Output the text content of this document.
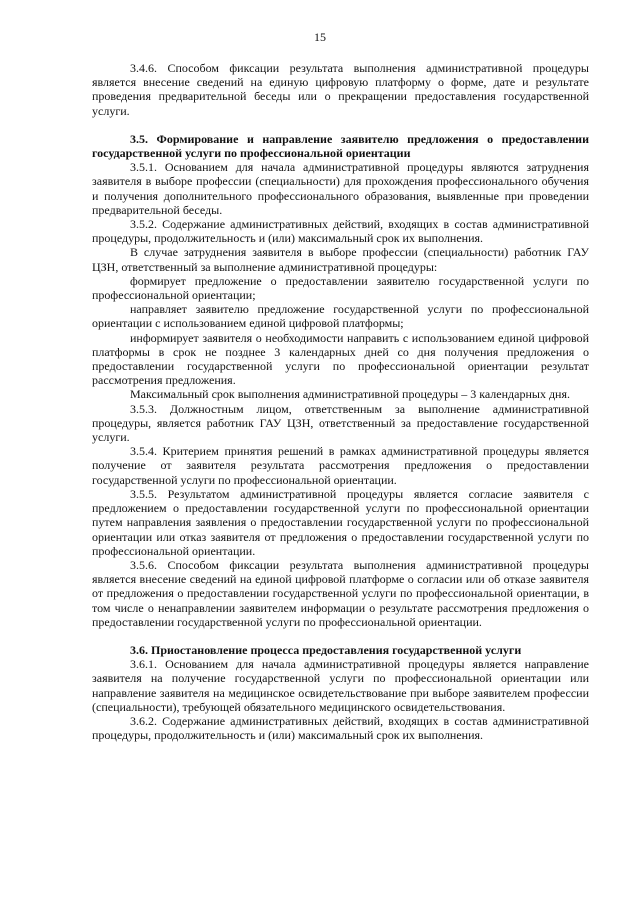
15

3.4.6. Способом фиксации результата выполнения административной процедуры является внесение сведений на единую цифровую платформу о форме, дате и результате проведения предварительной беседы или о прекращении предоставления государственной услуги.

3.5. Формирование и направление заявителю предложения о предоставлении государственной услуги по профессиональной ориентации

3.5.1. Основанием для начала административной процедуры являются затруднения заявителя в выборе профессии (специальности) для прохождения профессионального обучения и получения дополнительного профессионального образования, выявленные при проведении предварительной беседы.

3.5.2. Содержание административных действий, входящих в состав административной процедуры, продолжительность и (или) максимальный срок их выполнения.

В случае затруднения заявителя в выборе профессии (специальности) работник ГАУ ЦЗН, ответственный за выполнение административной процедуры:

формирует предложение о предоставлении заявителю государственной услуги по профессиональной ориентации;

направляет заявителю предложение государственной услуги по профессиональной ориентации с использованием единой цифровой платформы;

информирует заявителя о необходимости направить с использованием единой цифровой платформы в срок не позднее 3 календарных дней со дня получения предложения о предоставлении государственной услуги по профессиональной ориентации результат рассмотрения предложения.

Максимальный срок выполнения административной процедуры – 3 календарных дня.

3.5.3. Должностным лицом, ответственным за выполнение административной процедуры, является работник ГАУ ЦЗН, ответственный за предоставление государственной услуги.

3.5.4. Критерием принятия решений в рамках административной процедуры является получение от заявителя результата рассмотрения предложения о предоставлении государственной услуги по профессиональной ориентации.

3.5.5. Результатом административной процедуры является согласие заявителя с предложением о предоставлении государственной услуги по профессиональной ориентации путем направления заявления о предоставлении государственной услуги по профессиональной ориентации или отказ заявителя от предложения о предоставлении государственной услуги по профессиональной ориентации.

3.5.6. Способом фиксации результата выполнения административной процедуры является внесение сведений на единой цифровой платформе о согласии или об отказе заявителя от предложения о предоставлении государственной услуги по профессиональной ориентации, в том числе о ненаправлении заявителем информации о результате рассмотрения предложения о предоставлении государственной услуги по профессиональной ориентации.

3.6. Приостановление процесса предоставления государственной услуги

3.6.1. Основанием для начала административной процедуры является направление заявителя на получение государственной услуги по профессиональной ориентации или направление заявителя на медицинское освидетельствование при выборе заявителем профессии (специальности), требующей обязательного медицинского освидетельствования.

3.6.2. Содержание административных действий, входящих в состав административной процедуры, продолжительность и (или) максимальный срок их выполнения.
